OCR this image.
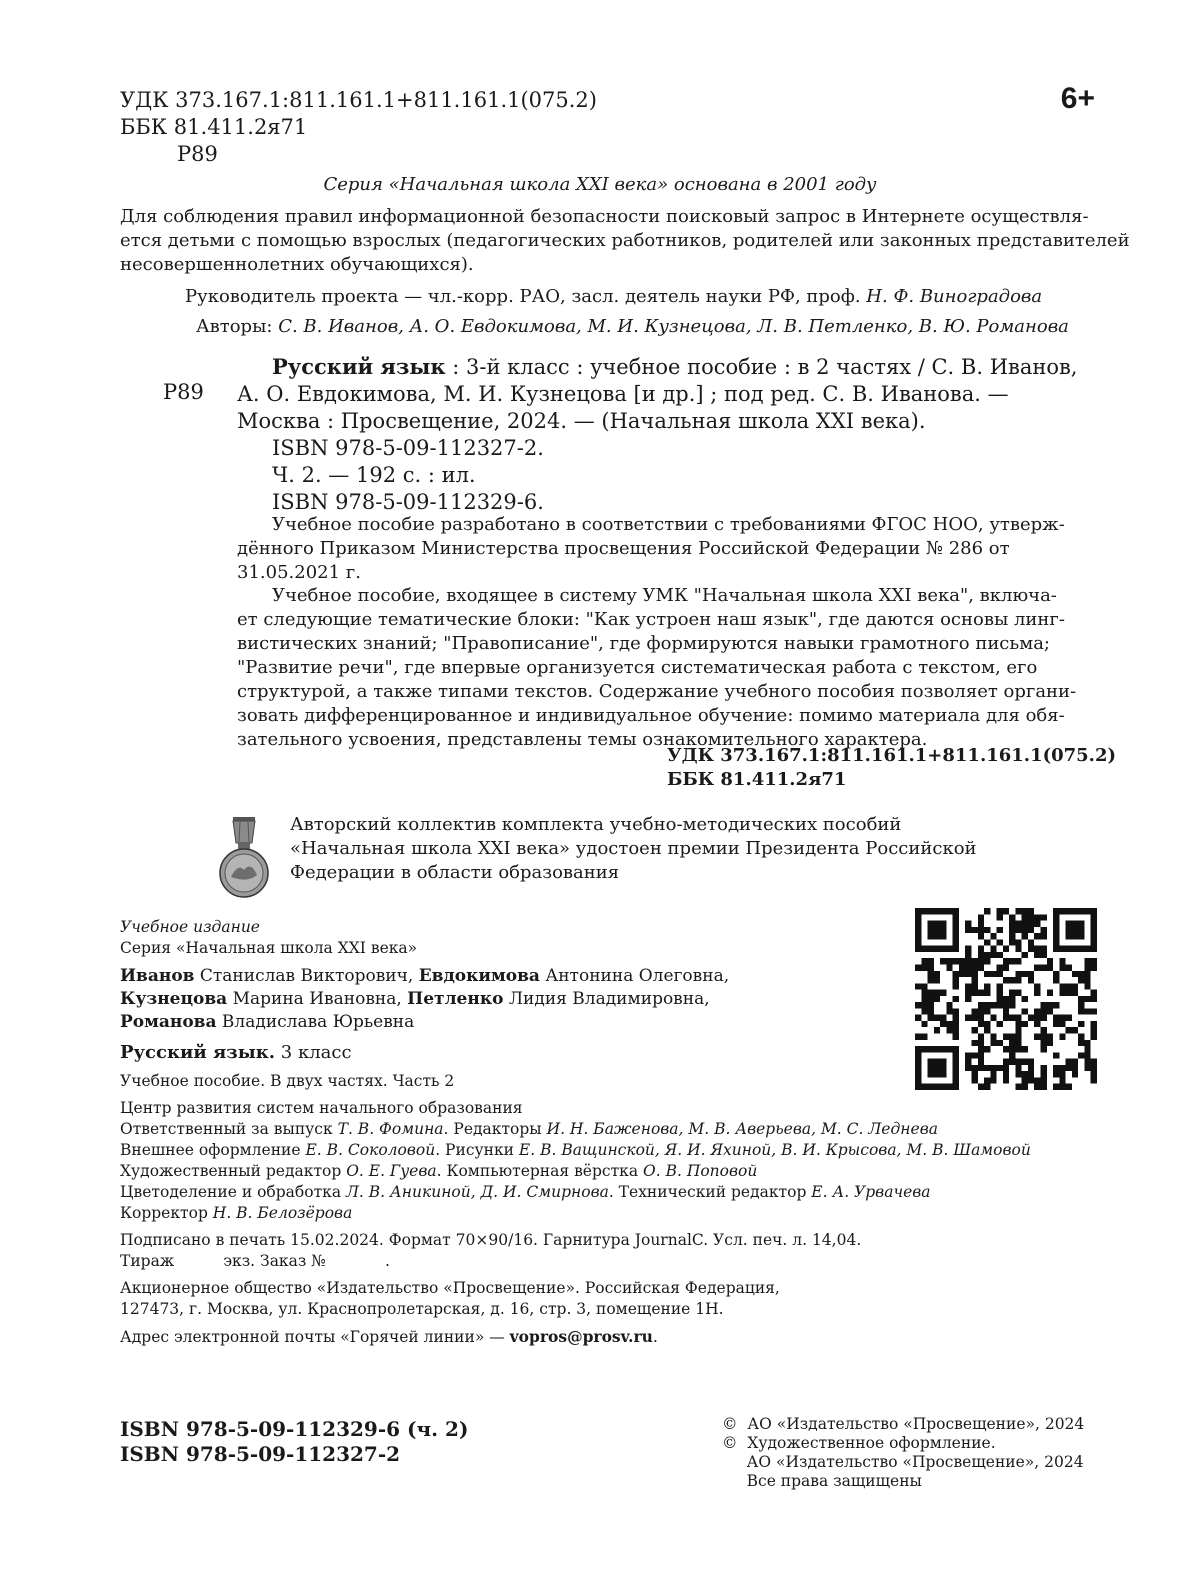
УДК 373.167.1:811.161.1+811.161.1(075.2)
ББК 81.411.2я71
Р89
6+
Серия «Начальная школа XXI века» основана в 2001 году
Для соблюдения правил информационной безопасности поисковый запрос в Интернете осуществля-
ется детьми с помощью взрослых (педагогических работников, родителей или законных представителей
несовершеннолетних обучающихся).
Руководитель проекта — чл.-корр. РАО, засл. деятель науки РФ, проф. Н. Ф. Виноградова
Авторы: С. В. Иванов, А. О. Евдокимова, М. И. Кузнецова, Л. В. Петленко, В. Ю. Романова
Р89
Русский язык : 3-й класс : учебное пособие : в 2 частях / С. В. Иванов,
А. О. Евдокимова, М. И. Кузнецова [и др.] ; под ред. С. В. Иванова. —
Москва : Просвещение, 2024. — (Начальная школа XXI века).
ISBN 978-5-09-112327-2.
Ч. 2. — 192 с. : ил.
ISBN 978-5-09-112329-6.
Учебное пособие разработано в соответствии с требованиями ФГОС НОО, утверж-
дённого Приказом Министерства просвещения Российской Федерации № 286 от
31.05.2021 г.
Учебное пособие, входящее в систему УМК "Начальная школа XXI века", включа-
ет следующие тематические блоки: "Как устроен наш язык", где даются основы линг-
вистических знаний; "Правописание", где формируются навыки грамотного письма;
"Развитие речи", где впервые организуется систематическая работа с текстом, его
структурой, а также типами текстов. Содержание учебного пособия позволяет органи-
зовать дифференцированное и индивидуальное обучение: помимо материала для обя-
зательного усвоения, представлены темы ознакомительного характера.
УДК 373.167.1:811.161.1+811.161.1(075.2)
ББК 81.411.2я71
Авторский коллектив комплекта учебно-методических пособий
«Начальная школа XXI века» удостоен премии Президента Российской
Федерации в области образования
Учебное издание
Серия «Начальная школа XXI века»
Иванов Станислав Викторович, Евдокимова Антонина Олеговна,
Кузнецова Марина Ивановна, Петленко Лидия Владимировна,
Романова Владислава Юрьевна
Русский язык. 3 класс
Учебное пособие. В двух частях. Часть 2
Центр развития систем начального образования
Ответственный за выпуск Т. В. Фомина. Редакторы И. Н. Баженова, М. В. Аверьева, М. С. Леднева
Внешнее оформление Е. В. Соколовой. Рисунки Е. В. Ващинской, Я. И. Яхиной, В. И. Крысова, М. В. Шамовой
Художественный редактор О. Е. Гуева. Компьютерная вёрстка О. В. Поповой
Цветоделение и обработка Л. В. Аникиной, Д. И. Смирнова. Технический редактор Е. А. Урвачева
Корректор Н. В. Белозёрова
Подписано в печать 15.02.2024. Формат 70×90/16. Гарнитура JournalC. Усл. печ. л. 14,04.
Тираж          экз. Заказ №            .
Акционерное общество «Издательство «Просвещение». Российская Федерация,
127473, г. Москва, ул. Краснопролетарская, д. 16, стр. 3, помещение 1Н.
Адрес электронной почты «Горячей линии» — vopros@prosv.ru.
ISBN 978-5-09-112329-6 (ч. 2)
ISBN 978-5-09-112327-2
©  АО «Издательство «Просвещение», 2024
©  Художественное оформление.
АО «Издательство «Просвещение», 2024
Все права защищены
